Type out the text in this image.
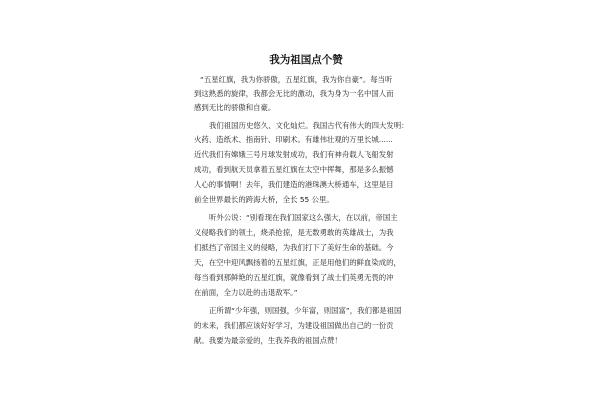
我为祖国点个赞
“五星红旗，我为你骄傲，五星红旗，我为你自豪”。每当听
到这熟悉的旋律，我都会无比的激动，我为身为一名中国人而
感到无比的骄傲和自豪。
我们祖国历史悠久、文化灿烂。我国古代有伟大的四大发明：
火药、造纸术、指南针、印刷术。有雄伟壮观的万里长城......
近代我们有嫦娥三号月球发射成功，我们有神舟载人飞船发射
成功，看到航天员拿着五星红旗在太空中挥舞，那是多么振憾
人心的事情啊！去年，我们建造的港珠澳大桥通车，这里是目
前全世界最长的跨海大桥，全长 55 公里。
听外公说：“别看现在我们国家这么强大，在以前，帝国主
义侵略我们的领土，烧杀抢掠，是无数勇敢的英雄战士，为我
们抵挡了帝国主义的侵略，为我们打下了美好生命的基础。今
天，在空中迎风飘扬着的五星红旗，正是用他们的鲜血染成的，
每当看到那鲜艳的五星红旗，就像看到了战士们英勇无畏的冲
在前面，全力以赴的击退敌军。”
正所谓“少年强，则国强，少年富，则国富”，我们都是祖国
的未来，我们都应该好好学习，为建设祖国做出自己的一份贡
献。我要为最亲爱的，生我养我的祖国点赞！
